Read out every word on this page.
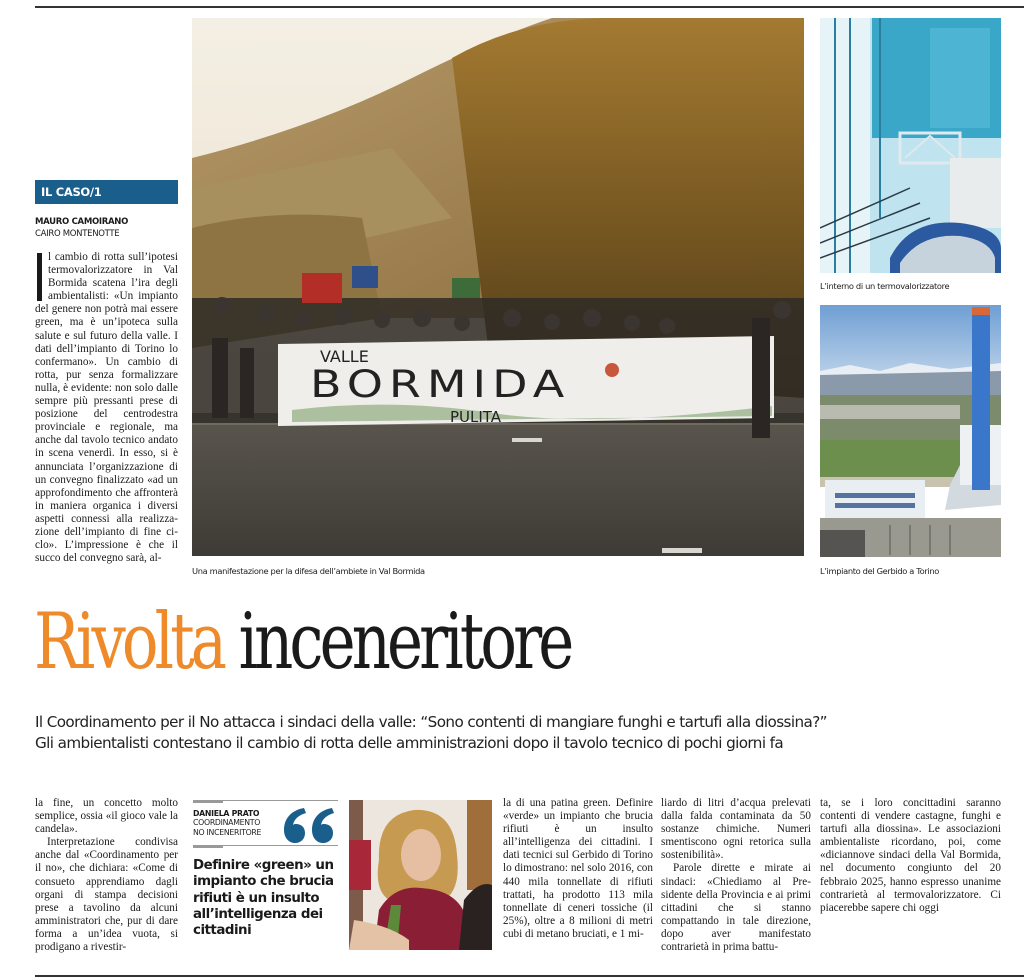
IL CASO/1
MAURO CAMOIRANO
CAIRO MONTENOTTE
l cambio di rotta sull’ipotesi termovalorizzatore in Val Bormida scatena l’ira degli ambientalisti: «Un impianto del genere non potrà mai essere green, ma è un’ipoteca sulla salute e sul futuro della valle. I dati dell’impianto di Torino lo confermano». Un cambio di rotta, pur senza formalizzare nulla, è evidente: non solo dalle sempre più pressanti prese di posizione del centrodestra provinciale e regionale, ma anche dal tavolo tecnico andato in scena venerdì. In esso, si è annunciata l’organizzazione di un convegno finalizzato «ad un approfondimento che affronterà in maniera organica i diversi aspetti connessi alla realizzazione dell’impianto di fine ciclo». L’impressione è che il succo del convegno sarà, al-
VALLE
BORMIDA
PULITA
Una manifestazione per la difesa dell’ambiete in Val Bormida
L’interno di un termovalorizzatore
L’impianto del Gerbido a Torino
Rivolta inceneritore
Il Coordinamento per il No attacca i sindaci della valle: “Sono contenti di mangiare funghi e tartufi alla diossina?”
Gli ambientalisti contestano il cambio di rotta delle amministrazioni dopo il tavolo tecnico di pochi giorni fa

la fine, un concetto molto semplice, ossia «il gioco vale la candela».

Interpretazione condivisa anche dal «Coordinamento per il no», che dichiara: «Come di consueto apprendiamo dagli organi di stampa decisioni prese a tavolino da alcuni amministratori che, pur di dare forma a un’idea vuota, si prodigano a rivestir-

DANIELA PRATO
COORDINAMENTO
NO INCENERITORE
Definire «green» un impianto che brucia rifiuti è un insulto all’intelligenza dei cittadini

la di una patina green. Definire «verde» un impianto che brucia rifiuti è un insulto all’intelligenza dei cittadini. I dati tecnici sul Gerbido di Torino lo dimostrano: nel solo 2016, con 440 mila tonnellate di rifiuti trattati, ha prodotto 113 mila tonnellate di ceneri tossiche (il 25%), oltre a 8 milioni di metri cubi di metano bruciati, e 1 mi-

liardo di litri d’acqua prelevati dalla falda contaminata da 50 sostanze chimiche. Numeri smentiscono ogni retorica sulla sostenibilità».

Parole dirette e mirate ai sindaci: «Chiediamo al Presidente della Provincia e ai primi cittadini che si stanno compattando in tale direzione, dopo aver manifestato contrarietà in prima battu-

ta, se i loro concittadini saranno contenti di vendere castagne, funghi e tartufi alla diossina». Le associazioni ambientaliste ricordano, poi, come «diciannove sindaci della Val Bormida, nel documento congiunto del 20 febbraio 2025, hanno espresso unanime contrarietà al termovalorizzatore. Ci piacerebbe sapere chi oggi
